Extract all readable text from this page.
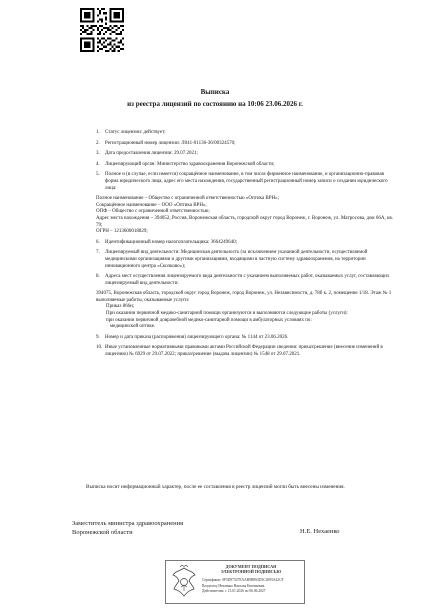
Выписка
из реестра лицензий по состоянию на 10:06 23.06.2026 г.
1.	Статус лицензии: действует;
2.	Регистрационный номер лицензии: Л041-01136-36/00324570;
3.	Дата предоставления лицензии: 29.07.2021;
4.	Лицензирующий орган: Министерство здравоохранения Воронежской области;
5.	Полное и (в случае, если имеется) сокращённое наименование, в том числе фирменное наименование, и организационно-правовая форма юридического лица, адрес его места нахождения, государственный регистрационный номер записи о создании юридического лица:

Полное наименование – Общество с ограниченной ответственностью «Оптика ВРН»;

Сокращённое наименование – ООО «Оптика ВРН»;

ОПФ – Общество с ограниченной ответственностью;

Адрес места нахождения – 394052, Россия, Воронежская область, городской округ город Воронеж, г. Воронеж, ул. Матросова, дом 66А, кв. 79;

ОГРН – 1213600018829;

6.	Идентификационный номер налогоплательщика: 3664249640;
7.	Лицензируемый вид деятельности: Медицинская деятельность (за исключением указанной деятельности, осуществляемой медицинскими организациями и другими организациями, входящими в частную систему здравоохранения, на территории инновационного центра «Сколково»);
8.	Адреса мест осуществления лицензируемого вида деятельности с указанием выполняемых работ, оказываемых услуг, составляющих лицензируемый вид деятельности:

394075, Воронежская область, городской округ город Воронеж, город Воронеж, ул. Независимости, д. 78б к. 2, помещение 1/18. Этаж № 1

выполняемые работы, оказываемые услуги:

Приказ 866н;

При оказании первичной медико-санитарной помощи организуются и выполняются следующие работы (услуги):

при оказании первичной доврачебной медико-санитарной помощи в амбулаторных условиях по:

медицинской оптике.

9.	Номер и дата приказа (распоряжения) лицензирующего органа: № 1144 от 23.06.2026.
10. Иные установленные нормативными правовыми актами Российской Федерации сведения: приказ/решение (внесение изменений в лицензию) № 6929 от 29.07.2022; приказ/решение (выдача лицензии) № 1548 от 29.07.2021.
Выписка носит информационный характер, после ее составления в реестр лицензий могли быть внесены изменения.
Заместитель министра здравоохранения
Воронежской области	Н.Е. Нехаенко
ДОКУМЕНТ ПОДПИСАН
ЭЛЕКТРОННОЙ ПОДПИСЬЮ
Сертификат: 0F5D97547EAAB9BF65D3C2695A42CF
Владелец: Нехаенко Наталья Евгеньевна
Действителен: с 13.01.2026 по 06.06.2027
